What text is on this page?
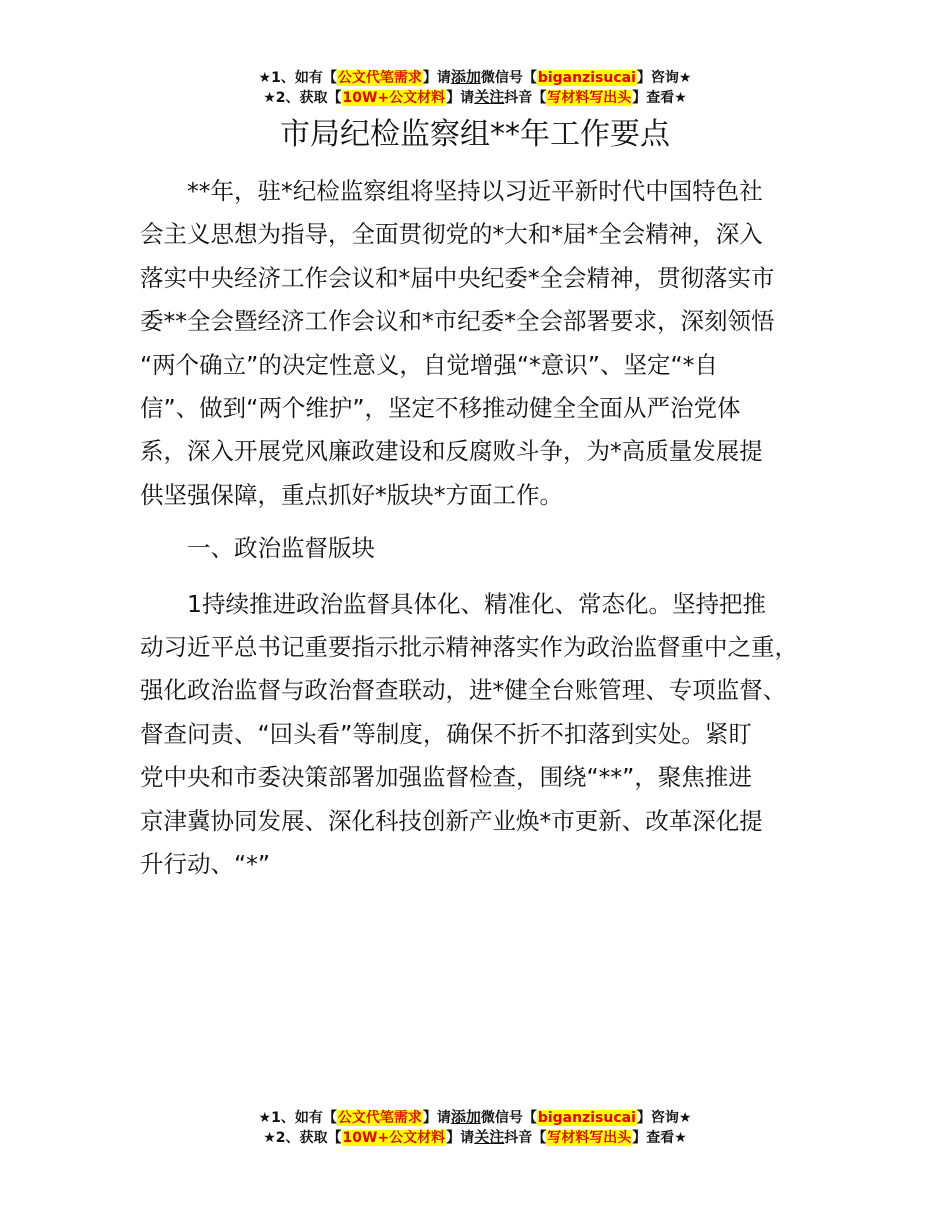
★1、如有【公文代笔需求】请添加微信号【biganzisucai】咨询★
★2、获取【10W+公文材料】请关注抖音【写材料写出头】查看★
市局纪检监察组**年工作要点

**年，驻*纪检监察组将坚持以习近平新时代中国特色社
会主义思想为指导，全面贯彻党的*大和*届*全会精神，深入
落实中央经济工作会议和*届中央纪委*全会精神，贯彻落实市
委**全会暨经济工作会议和*市纪委*全会部署要求，深刻领悟
“两个确立”的决定性意义，自觉增强“*意识”、坚定“*自
信”、做到“两个维护”，坚定不移推动健全全面从严治党体
系，深入开展党风廉政建设和反腐败斗争，为*高质量发展提
供坚强保障，重点抓好*版块*方面工作。

一、政治监督版块

1持续推进政治监督具体化、精准化、常态化。坚持把推
动习近平总书记重要指示批示精神落实作为政治监督重中之重，
强化政治监督与政治督查联动，进*健全台账管理、专项监督、
督查问责、“回头看”等制度，确保不折不扣落到实处。紧盯
党中央和市委决策部署加强监督检查，围绕“**”，聚焦推进
京津冀协同发展、深化科技创新产业焕*市更新、改革深化提
升行动、“*”

★1、如有【公文代笔需求】请添加微信号【biganzisucai】咨询★
★2、获取【10W+公文材料】请关注抖音【写材料写出头】查看★
